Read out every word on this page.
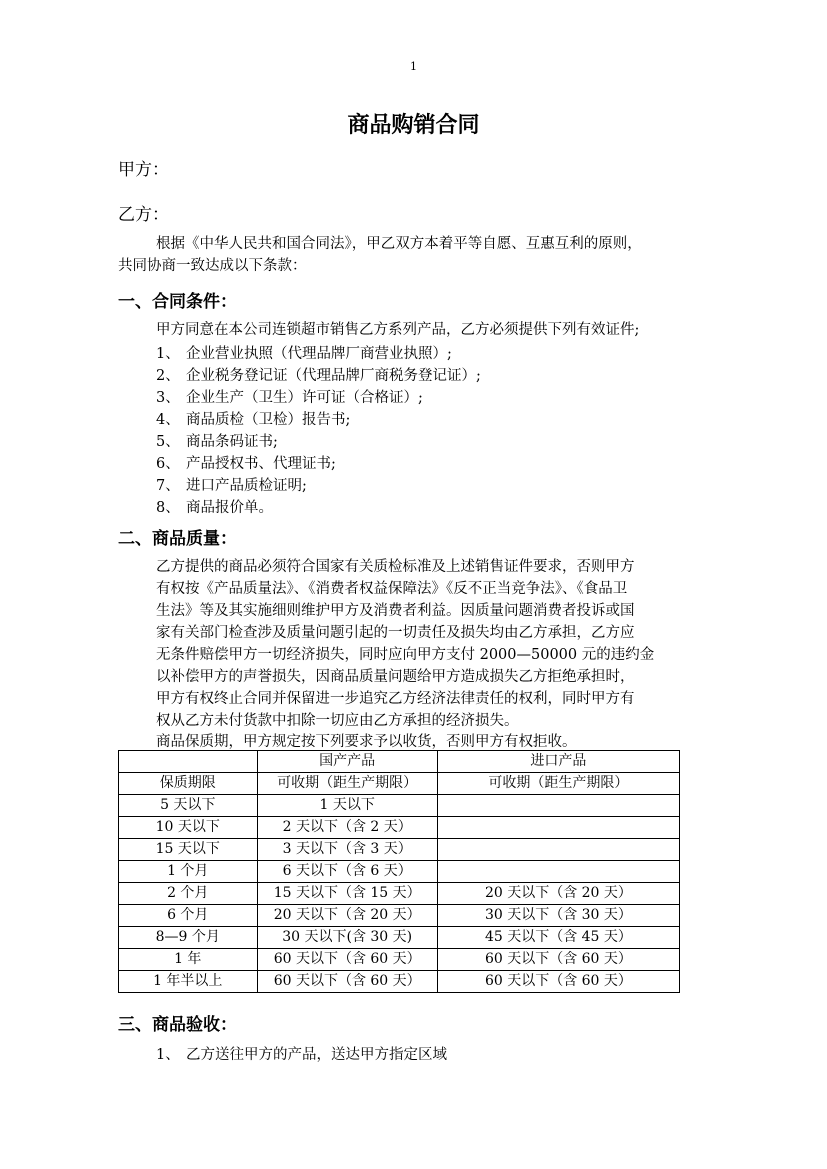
1
商品购销合同
甲方：
乙方：
根据《中华人民共和国合同法》，甲乙双方本着平等自愿、互惠互利的原则，
共同协商一致达成以下条款：
一、合同条件：
甲方同意在本公司连锁超市销售乙方系列产品，乙方必须提供下列有效证件;
1、 企业营业执照（代理品牌厂商营业执照）;
2、 企业税务登记证（代理品牌厂商税务登记证）;
3、 企业生产（卫生）许可证（合格证）;
4、 商品质检（卫检）报告书;
5、 商品条码证书;
6、 产品授权书、代理证书;
7、 进口产品质检证明;
8、 商品报价单。
二、商品质量：
乙方提供的商品必须符合国家有关质检标准及上述销售证件要求，否则甲方
有权按《产品质量法》、《消费者权益保障法》《反不正当竞争法》、《食品卫
生法》等及其实施细则维护甲方及消费者利益。因质量问题消费者投诉或国
家有关部门检查涉及质量问题引起的一切责任及损失均由乙方承担，乙方应
无条件赔偿甲方一切经济损失，同时应向甲方支付 2000—50000 元的违约金
以补偿甲方的声誉损失，因商品质量问题给甲方造成损失乙方拒绝承担时，
甲方有权终止合同并保留进一步追究乙方经济法律责任的权利，同时甲方有
权从乙方未付货款中扣除一切应由乙方承担的经济损失。
商品保质期，甲方规定按下列要求予以收货，否则甲方有权拒收。
	国产产品	进口产品
保质期限	可收期（距生产期限）	可收期（距生产期限）
5 天以下	1 天以下	
10 天以下	2 天以下（含 2 天）	
15 天以下	3 天以下（含 3 天）	
1 个月	6 天以下（含 6 天）	
2 个月	15 天以下（含 15 天）	20 天以下（含 20 天）
6 个月	20 天以下（含 20 天）	30 天以下（含 30 天）
8—9 个月	30 天以下(含 30 天)	45 天以下（含 45 天）
1 年	60 天以下（含 60 天）	60 天以下（含 60 天）
1 年半以上	60 天以下（含 60 天）	60 天以下（含 60 天）
三、商品验收：
1、 乙方送往甲方的产品，送达甲方指定区域
